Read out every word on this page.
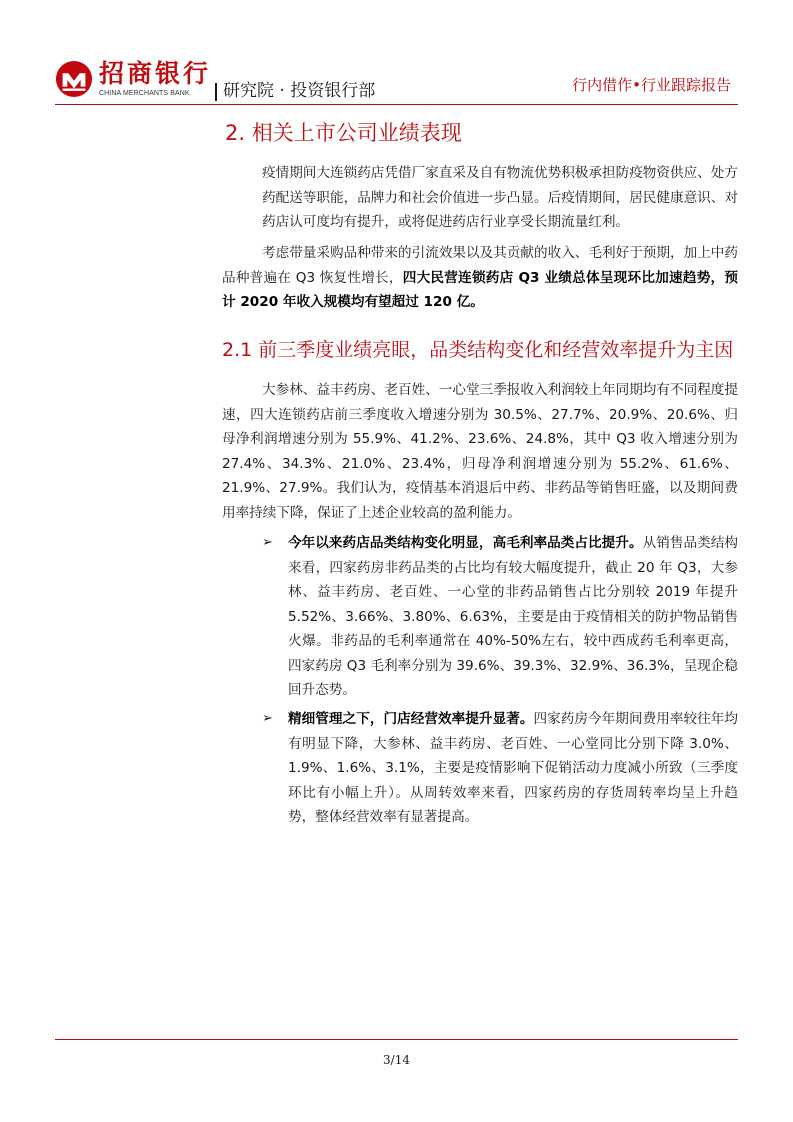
招商银行
CHINA MERCHANTS BANK 研究院 · 投资银行部	行内借作•行业跟踪报告
2. 相关上市公司业绩表现
疫情期间大连锁药店凭借厂家直采及自有物流优势积极承担防疫物资供应、处方药配送等职能，品牌力和社会价值进一步凸显。后疫情期间，居民健康意识、对药店认可度均有提升，或将促进药店行业享受长期流量红利。
考虑带量采购品种带来的引流效果以及其贡献的收入、毛利好于预期，加上中药品种普遍在 Q3 恢复性增长，四大民营连锁药店 Q3 业绩总体呈现环比加速趋势，预计 2020 年收入规模均有望超过 120 亿。
2.1 前三季度业绩亮眼，品类结构变化和经营效率提升为主因
大参林、益丰药房、老百姓、一心堂三季报收入利润较上年同期均有不同程度提速，四大连锁药店前三季度收入增速分别为 30.5%、27.7%、20.9%、20.6%、归母净利润增速分别为 55.9%、41.2%、23.6%、24.8%，其中 Q3 收入增速分别为 27.4%、34.3%、21.0%、23.4%，归母净利润增速分别为 55.2%、61.6%、21.9%、27.9%。我们认为，疫情基本消退后中药、非药品等销售旺盛，以及期间费用率持续下降，保证了上述企业较高的盈利能力。
➢ 今年以来药店品类结构变化明显，高毛利率品类占比提升。从销售品类结构来看，四家药房非药品类的占比均有较大幅度提升，截止 20 年 Q3，大参林、益丰药房、老百姓、一心堂的非药品销售占比分别较 2019 年提升 5.52%、3.66%、3.80%、6.63%，主要是由于疫情相关的防护物品销售火爆。非药品的毛利率通常在 40%-50%左右，较中西成药毛利率更高，四家药房 Q3 毛利率分别为 39.6%、39.3%、32.9%、36.3%，呈现企稳回升态势。
➢ 精细管理之下，门店经营效率提升显著。四家药房今年期间费用率较往年均有明显下降，大参林、益丰药房、老百姓、一心堂同比分别下降 3.0%、1.9%、1.6%、3.1%，主要是疫情影响下促销活动力度减小所致（三季度环比有小幅上升）。从周转效率来看，四家药房的存货周转率均呈上升趋势，整体经营效率有显著提高。
3/14
